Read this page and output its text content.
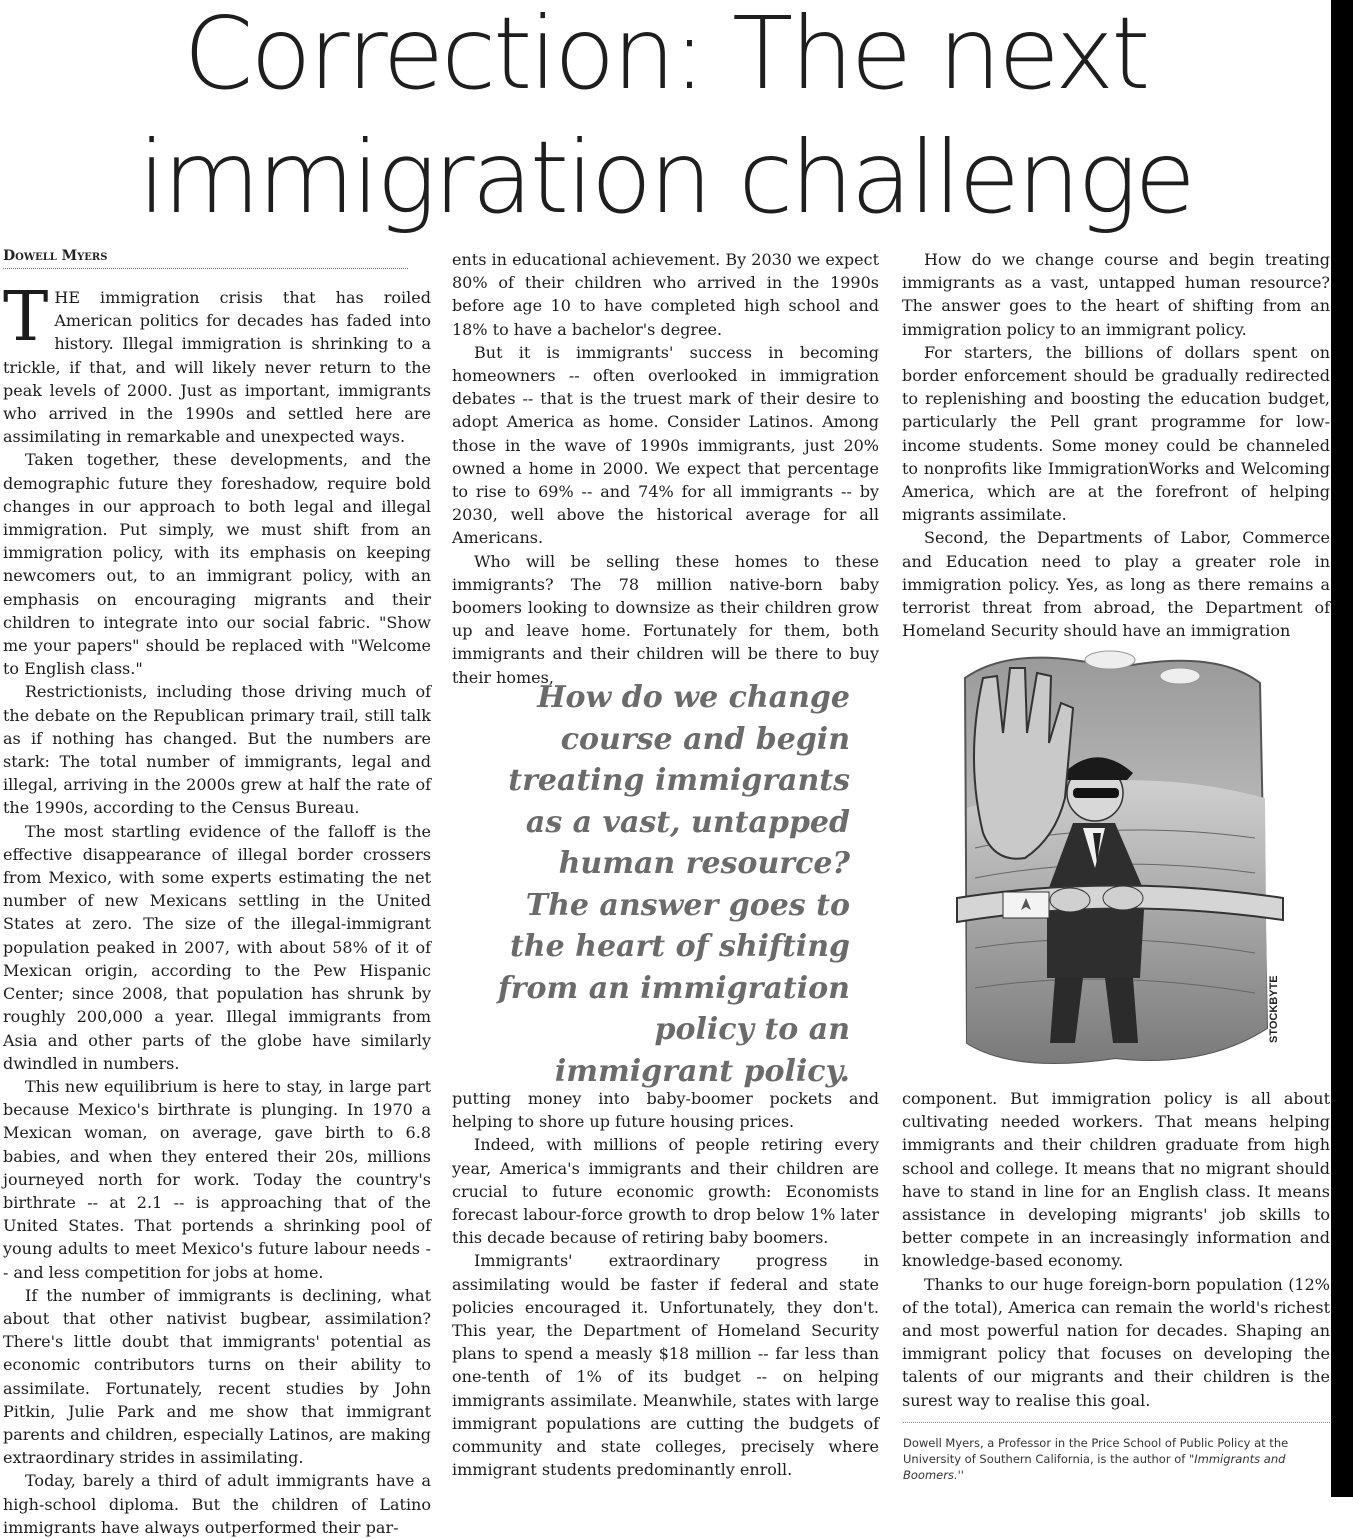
Correction: The next
immigration challenge
Dowell Myers

THE immigration crisis that has roiled American politics for decades has faded into history. Illegal immigration is shrinking to a trickle, if that, and will likely never return to the peak levels of 2000. Just as important, immigrants who arrived in the 1990s and settled here are assimilating in remarkable and unexpected ways.

Taken together, these developments, and the demographic future they foreshadow, require bold changes in our approach to both legal and illegal immigration. Put simply, we must shift from an immigration policy, with its emphasis on keeping newcomers out, to an immigrant policy, with an emphasis on encouraging migrants and their children to integrate into our social fabric. "Show me your papers" should be replaced with "Welcome to English class."

Restrictionists, including those driving much of the debate on the Republican primary trail, still talk as if nothing has changed. But the numbers are stark: The total number of immigrants, legal and illegal, arriving in the 2000s grew at half the rate of the 1990s, according to the Census Bureau.

The most startling evidence of the falloff is the effective disappearance of illegal border crossers from Mexico, with some experts estimating the net number of new Mexicans settling in the United States at zero. The size of the illegal-immigrant population peaked in 2007, with about 58% of it of Mexican origin, according to the Pew Hispanic Center; since 2008, that population has shrunk by roughly 200,000 a year. Illegal immigrants from Asia and other parts of the globe have similarly dwindled in numbers.

This new equilibrium is here to stay, in large part because Mexico's birthrate is plunging. In 1970 a Mexican woman, on average, gave birth to 6.8 babies, and when they entered their 20s, millions journeyed north for work. Today the country's birthrate -- at 2.1 -- is approaching that of the United States. That portends a shrinking pool of young adults to meet Mexico's future labour needs -- and less competition for jobs at home.

If the number of immigrants is declining, what about that other nativist bugbear, assimilation? There's little doubt that immigrants' potential as economic contributors turns on their ability to assimilate. Fortunately, recent studies by John Pitkin, Julie Park and me show that immigrant parents and children, especially Latinos, are making extraordinary strides in assimilating.

Today, barely a third of adult immigrants have a high-school diploma. But the children of Latino immigrants have always outperformed their par-

ents in educational achievement. By 2030 we expect 80% of their children who arrived in the 1990s before age 10 to have completed high school and 18% to have a bachelor's degree.

But it is immigrants' success in becoming homeowners -- often overlooked in immigration debates -- that is the truest mark of their desire to adopt America as home. Consider Latinos. Among those in the wave of 1990s immigrants, just 20% owned a home in 2000. We expect that percentage to rise to 69% -- and 74% for all immigrants -- by 2030, well above the historical average for all Americans.

Who will be selling these homes to these immigrants? The 78 million native-born baby boomers looking to downsize as their children grow up and leave home. Fortunately for them, both immigrants and their children will be there to buy their homes,

How do we change course and begin treating immigrants as a vast, untapped human resource? The answer goes to the heart of shifting from an immigration policy to an immigrant policy.

putting money into baby-boomer pockets and helping to shore up future housing prices.

Indeed, with millions of people retiring every year, America's immigrants and their children are crucial to future economic growth: Economists forecast labour-force growth to drop below 1% later this decade because of retiring baby boomers.

Immigrants' extraordinary progress in assimilating would be faster if federal and state policies encouraged it. Unfortunately, they don't. This year, the Department of Homeland Security plans to spend a measly $18 million -- far less than one-tenth of 1% of its budget -- on helping immigrants assimilate. Meanwhile, states with large immigrant populations are cutting the budgets of community and state colleges, precisely where immigrant students predominantly enroll.

How do we change course and begin treating immigrants as a vast, untapped human resource? The answer goes to the heart of shifting from an immigration policy to an immigrant policy.

For starters, the billions of dollars spent on border enforcement should be gradually redirected to replenishing and boosting the education budget, particularly the Pell grant programme for low-income students. Some money could be channeled to nonprofits like ImmigrationWorks and Welcoming America, which are at the forefront of helping migrants assimilate.

Second, the Departments of Labor, Commerce and Education need to play a greater role in immigration policy. Yes, as long as there remains a terrorist threat from abroad, the Department of Homeland Security should have an immigration

STOCKBYTE

component. But immigration policy is all about cultivating needed workers. That means helping immigrants and their children graduate from high school and college. It means that no migrant should have to stand in line for an English class. It means assistance in developing migrants' job skills to better compete in an increasingly information and knowledge-based economy.

Thanks to our huge foreign-born population (12% of the total), America can remain the world's richest and most powerful nation for decades. Shaping an immigrant policy that focuses on developing the talents of our migrants and their children is the surest way to realise this goal.

Dowell Myers, a Professor in the Price School of Public Policy at the University of Southern California, is the author of "Immigrants and Boomers.''
